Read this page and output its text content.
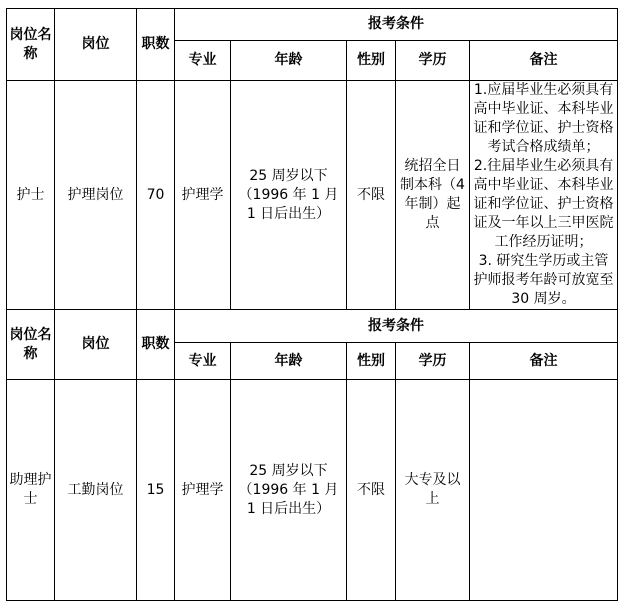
岗位名称	岗位	职数	报考条件				
			专业	年龄	性别	学历	备注
护士	护理岗位	70	护理学	25 周岁以下（1996 年 1 月 1 日后出生）	不限	统招全日制本科（4年制）起点	1.应届毕业生必须具有高中毕业证、本科毕业证和学位证、护士资格考试合格成绩单；

2.往届毕业生必须具有高中毕业证、本科毕业证和学位证、护士资格证及一年以上三甲医院工作经历证明；

3. 研究生学历或主管护师报考年龄可放宽至 30 周岁。

岗位名称	岗位	职数	报考条件				
			专业	年龄	性别	学历	备注
助理护士	工勤岗位	15	护理学	25 周岁以下（1996 年 1 月 1 日后出生）	不限	大专及以上	
